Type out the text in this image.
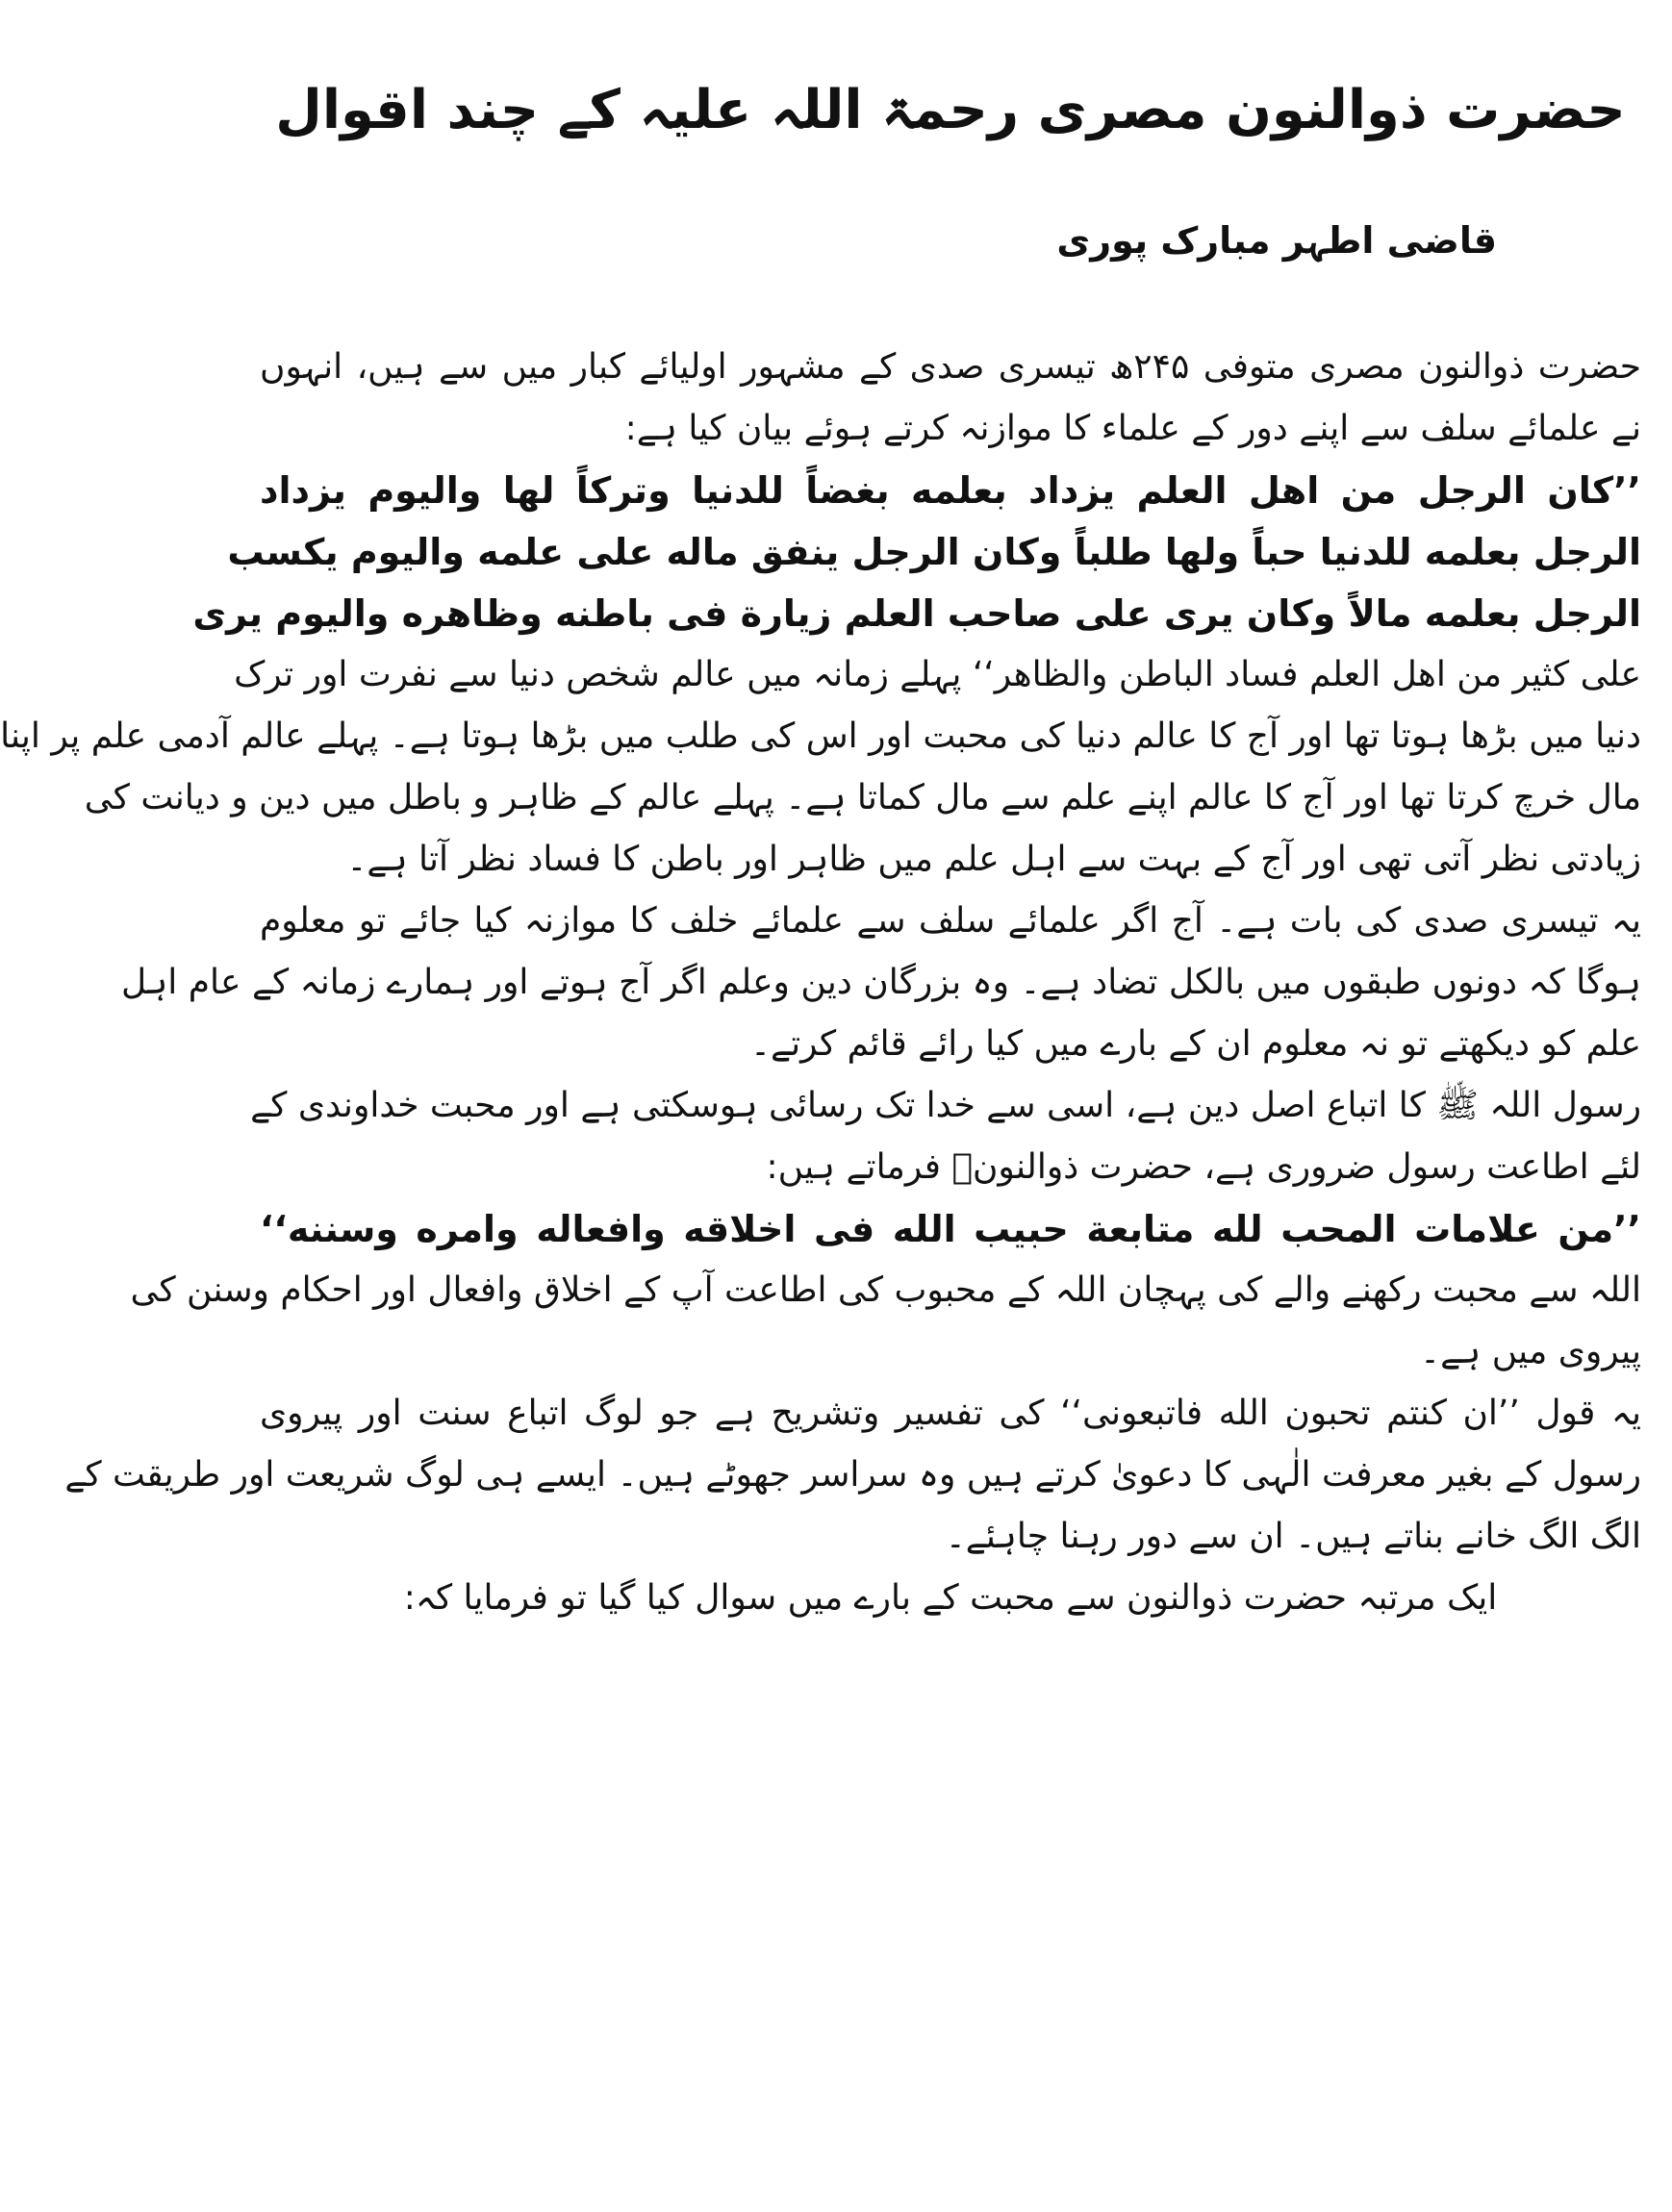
حضرت ذوالنون مصری رحمۃ اللہ علیہ کے چند اقوال
قاضی اطہر مبارک پوری
حضرت ذوالنون مصری متوفی ۲۴۵ھ تیسری صدی کے مشہور اولیائے کبار میں سے ہیں، انہوں
نے علمائے سلف سے اپنے دور کے علماء کا موازنہ کرتے ہوئے بیان کیا ہے:
’’کان الرجل من اهل العلم یزداد بعلمه بغضاً للدنیا وترکاً لها والیوم یزداد
الرجل بعلمه للدنیا حباً ولها طلباً وکان الرجل ینفق ماله علی علمه والیوم یکسب
الرجل بعلمه مالاً وکان یری علی صاحب العلم زیارة فی باطنه وظاهره والیوم یری
علی کثیر من اهل العلم فساد الباطن والظاهر‘‘ پہلے زمانہ میں عالم شخص دنیا سے نفرت اور ترک
دنیا میں بڑھا ہوتا تھا اور آج کا عالم دنیا کی محبت اور اس کی طلب میں بڑھا ہوتا ہے۔ پہلے عالم آدمی علم پر اپنا
مال خرچ کرتا تھا اور آج کا عالم اپنے علم سے مال کماتا ہے۔ پہلے عالم کے ظاہر و باطل میں دین و دیانت کی
زیادتی نظر آتی تھی اور آج کے بہت سے اہل علم میں ظاہر اور باطن کا فساد نظر آتا ہے۔
یہ تیسری صدی کی بات ہے۔ آج اگر علمائے سلف سے علمائے خلف کا موازنہ کیا جائے تو معلوم
ہوگا کہ دونوں طبقوں میں بالکل تضاد ہے۔ وہ بزرگان دین وعلم اگر آج ہوتے اور ہمارے زمانہ کے عام اہل
علم کو دیکھتے تو نہ معلوم ان کے بارے میں کیا رائے قائم کرتے۔
رسول اللہ ﷺ کا اتباع اصل دین ہے، اسی سے خدا تک رسائی ہوسکتی ہے اور محبت خداوندی کے
لئے اطاعت رسول ضروری ہے، حضرت ذوالنونؒ فرماتے ہیں:
’’من علامات المحب لله متابعة حبيب الله فی اخلاقه وافعاله وامره وسننه‘‘
اللہ سے محبت رکھنے والے کی پہچان اللہ کے محبوب کی اطاعت آپ کے اخلاق وافعال اور احکام وسنن کی
پیروی میں ہے۔
یہ قول ’’ان کنتم تحبون الله فاتبعونی‘‘ کی تفسیر وتشریح ہے جو لوگ اتباع سنت اور پیروی
رسول کے بغیر معرفت الٰہی کا دعویٰ کرتے ہیں وہ سراسر جھوٹے ہیں۔ ایسے ہی لوگ شریعت اور طریقت کے
الگ الگ خانے بناتے ہیں۔ ان سے دور رہنا چاہئے۔
ایک مرتبہ حضرت ذوالنون سے محبت کے بارے میں سوال کیا گیا تو فرمایا کہ:
